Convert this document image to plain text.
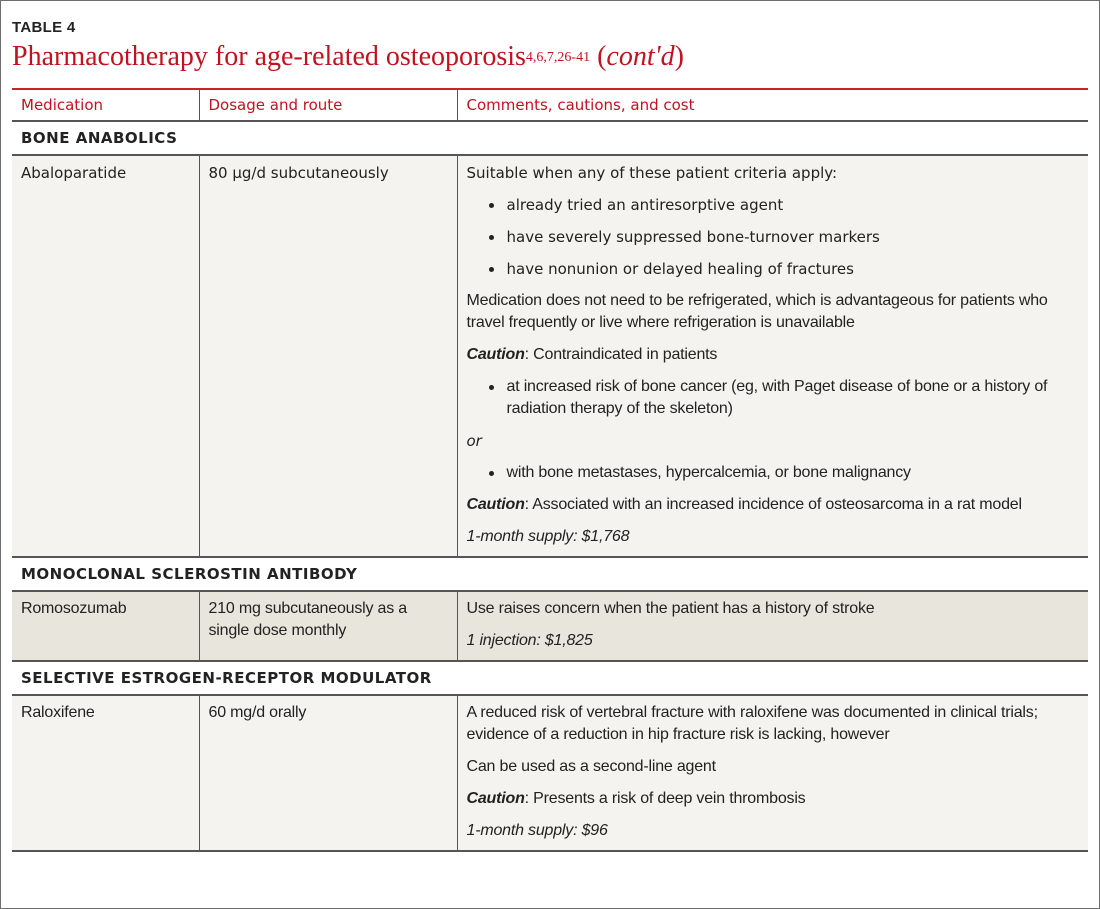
TABLE 4
Pharmacotherapy for age-related osteoporosis$^{4,6,7,26-41}$ (cont'd)
Medication	Dosage and route	Comments, cautions, and cost
BONE ANABOLICS		
Abaloparatide	80 µg/d subcutaneously	Suitable when any of these patient criteria apply:
already tried an antiresorptive agent
have severely suppressed bone-turnover markers
have nonunion or delayed healing of fractures
Medication does not need to be refrigerated, which is advantageous for patients who travel frequently or live where refrigeration is unavailable
Caution: Contraindicated in patients
at increased risk of bone cancer (eg, with Paget disease of bone or a history of radiation therapy of the skeleton)
or
with bone metastases, hypercalcemia, or bone malignancy
Caution: Associated with an increased incidence of osteosarcoma in a rat model
1-month supply: $1,768

MONOCLONAL SCLEROSTIN ANTIBODY		
Romosozumab	210 mg subcutaneously as a single dose monthly	Use raises concern when the patient has a history of stroke
1 injection: $1,825

SELECTIVE ESTROGEN-RECEPTOR MODULATOR		
Raloxifene	60 mg/d orally	A reduced risk of vertebral fracture with raloxifene was documented in clinical trials; evidence of a reduction in hip fracture risk is lacking, however
Can be used as a second-line agent
Caution: Presents a risk of deep vein thrombosis
1-month supply: $96
